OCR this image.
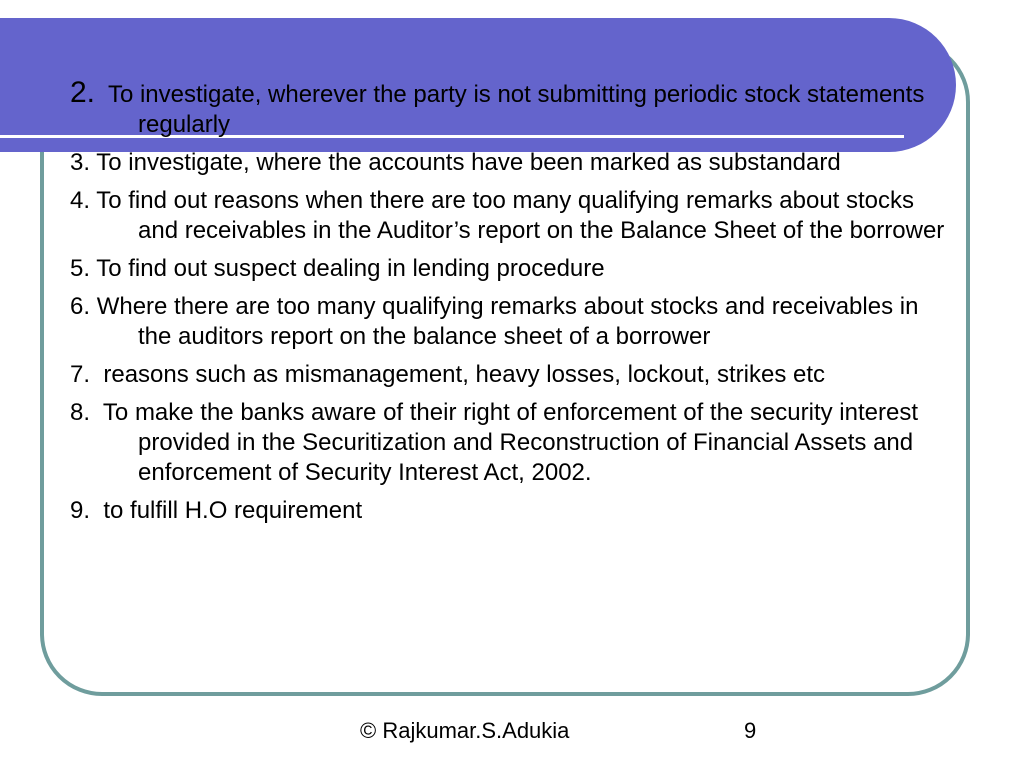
2. To investigate, wherever the party is not submitting periodic stock statements regularly
3. To investigate, where the accounts have been marked as substandard
4. To find out reasons when there are too many qualifying remarks about stocks and receivables in the Auditor’s report on the Balance Sheet of the borrower
5. To find out suspect dealing in lending procedure
6. Where there are too many qualifying remarks about stocks and receivables in the auditors report on the balance sheet of a borrower
7. reasons such as mismanagement, heavy losses, lockout, strikes etc
8. To make the banks aware of their right of enforcement of the security interest provided in the Securitization and Reconstruction of Financial Assets and enforcement of Security Interest Act, 2002.
9. to fulfill H.O requirement
© Rajkumar.S.Adukia	9
